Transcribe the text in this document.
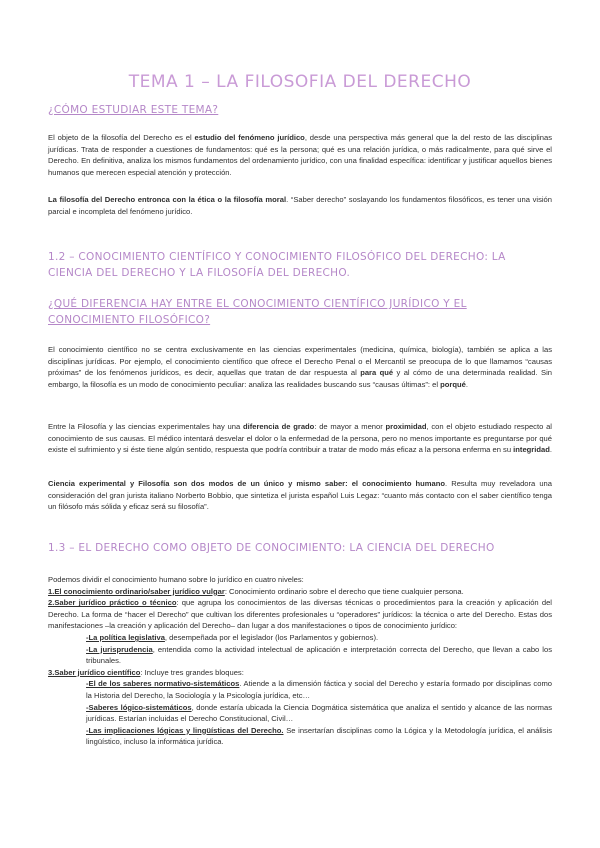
TEMA 1 – LA FILOSOFIA DEL DERECHO
¿CÓMO ESTUDIAR ESTE TEMA?
El objeto de la filosofía del Derecho es el estudio del fenómeno jurídico, desde una perspectiva más general que la del resto de las disciplinas jurídicas. Trata de responder a cuestiones de fundamentos: qué es la persona; qué es una relación jurídica, o más radicalmente, para qué sirve el Derecho. En definitiva, analiza los mismos fundamentos del ordenamiento jurídico, con una finalidad específica: identificar y justificar aquellos bienes humanos que merecen especial atención y protección.
La filosofía del Derecho entronca con la ética o la filosofía moral. “Saber derecho” soslayando los fundamentos filosóficos, es tener una visión parcial e incompleta del fenómeno jurídico.
1.2 – CONOCIMIENTO CIENTÍFICO Y CONOCIMIENTO FILOSÓFICO DEL DERECHO: LA CIENCIA DEL DERECHO Y LA FILOSOFÍA DEL DERECHO.
¿QUÉ DIFERENCIA HAY ENTRE EL CONOCIMIENTO CIENTÍFICO JURÍDICO Y EL CONOCIMIENTO FILOSÓFICO?
El conocimiento científico no se centra exclusivamente en las ciencias experimentales (medicina, química, biología), también se aplica a las disciplinas jurídicas. Por ejemplo, el conocimiento científico que ofrece el Derecho Penal o el Mercantil se preocupa de lo que llamamos “causas próximas” de los fenómenos jurídicos, es decir, aquellas que tratan de dar respuesta al para qué y al cómo de una determinada realidad. Sin embargo, la filosofía es un modo de conocimiento peculiar: analiza las realidades buscando sus “causas últimas”: el porqué.
Entre la Filosofía y las ciencias experimentales hay una diferencia de grado: de mayor a menor proximidad, con el objeto estudiado respecto al conocimiento de sus causas. El médico intentará desvelar el dolor o la enfermedad de la persona, pero no menos importante es preguntarse por qué existe el sufrimiento y si éste tiene algún sentido, respuesta que podría contribuir a tratar de modo más eficaz a la persona enferma en su integridad.
Ciencia experimental y Filosofía son dos modos de un único y mismo saber: el conocimiento humano. Resulta muy reveladora una consideración del gran jurista italiano Norberto Bobbio, que sintetiza el jurista español Luis Legaz: “cuanto más contacto con el saber científico tenga un filósofo más sólida y eficaz será su filosofía”.
1.3 – EL DERECHO COMO OBJETO DE CONOCIMIENTO: LA CIENCIA DEL DERECHO
Podemos dividir el conocimiento humano sobre lo jurídico en cuatro niveles:
1.El conocimiento ordinario/saber jurídico vulgar: Conocimiento ordinario sobre el derecho que tiene cualquier persona.
2.Saber jurídico práctico o técnico: que agrupa los conocimientos de las diversas técnicas o procedimientos para la creación y aplicación del Derecho. La forma de “hacer el Derecho” que cultivan los diferentes profesionales u “operadores” jurídicos: la técnica o arte del Derecho. Estas dos manifestaciones –la creación y aplicación del Derecho– dan lugar a dos manifestaciones o tipos de conocimiento jurídico:
-La política legislativa, desempeñada por el legislador (los Parlamentos y gobiernos).
-La jurisprudencia, entendida como la actividad intelectual de aplicación e interpretación correcta del Derecho, que llevan a cabo los tribunales.
3.Saber jurídico científico: Incluye tres grandes bloques:
-El de los saberes normativo-sistemáticos. Atiende a la dimensión fáctica y social del Derecho y estaría formado por disciplinas como la Historia del Derecho, la Sociología y la Psicología jurídica, etc…
-Saberes lógico-sistemáticos, donde estaría ubicada la Ciencia Dogmática sistemática que analiza el sentido y alcance de las normas jurídicas. Estarían incluidas el Derecho Constitucional, Civil…
-Las implicaciones lógicas y lingüísticas del Derecho. Se insertarían disciplinas como la Lógica y la Metodología jurídica, el análisis lingüístico, incluso la informática jurídica.
